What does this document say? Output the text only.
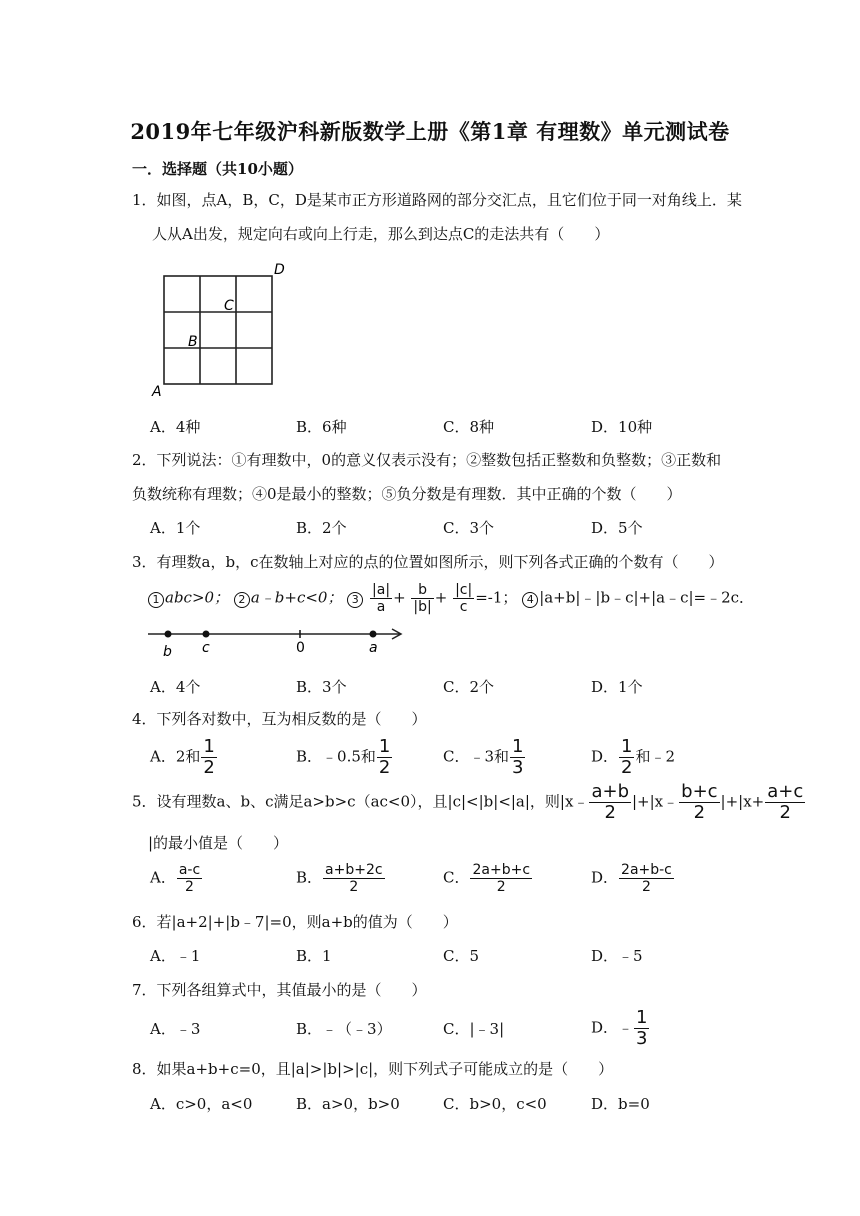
2019年七年级沪科新版数学上册《第1章 有理数》单元测试卷
一．选择题（共10小题）
1．如图，点A，B，C，D是某市正方形道路网的部分交汇点，且它们位于同一对角线上．某
人从A出发，规定向右或向上行走，那么到达点C的走法共有（　　）
A
B
C
D
A．4种	B．6种	C．8种	D．10种
2．下列说法：①有理数中，0的意义仅表示没有；②整数包括正整数和负整数；③正数和
负数统称有理数；④0是最小的整数；⑤负分数是有理数．其中正确的个数（　　）
A．1个	B．2个	C．3个	D．5个
3．有理数a，b，c在数轴上对应的点的位置如图所示，则下列各式正确的个数有（　　）
1 abc>0； 2 a﹣b+c<0； $3 \frac{|a|}{a} + \frac{b}{|b|} + \frac{|c|}{c} =-1$； 4 |a+b|﹣|b﹣c|+|a﹣c|=﹣2c．
b c	0	a
A．4个	B．3个	C．2个	D．1个
4．下列各对数中，互为相反数的是（　　）
A．2和 $\frac{1}{2}$	B．﹣0.5和 $\frac{1}{2}$	C．﹣3和 $\frac{1}{3}$	D． $\frac{1}{2}$ 和﹣2
5．设有理数a、b、c满足a>b>c（ac<0），且|c|<|b|<|a|，则|x﹣ $\frac{a+b}{2}$ |+|x﹣ $\frac{b+c}{2} |+|x+ \frac{a+c}{2}$
|的最小值是（　　）
A． $\frac{a-c}{2}$	B． $\frac{a+b+2c}{2}$	C． $\frac{2a+b+c}{2}$	D． $\frac{2a+b-c}{2}$
6．若|a+2|+|b﹣7|=0，则a+b的值为（　　）
A．﹣1	B．1	C．5	D．﹣5
7．下列各组算式中，其值最小的是（　　）
A．﹣3	B．﹣（﹣3）	C．|﹣3|	D．﹣ $\frac{1}{3}$
8．如果a+b+c=0，且|a|>|b|>|c|，则下列式子可能成立的是（　　）
A．c>0，a<0	B．a>0，b>0	C．b>0，c<0	D．b=0
